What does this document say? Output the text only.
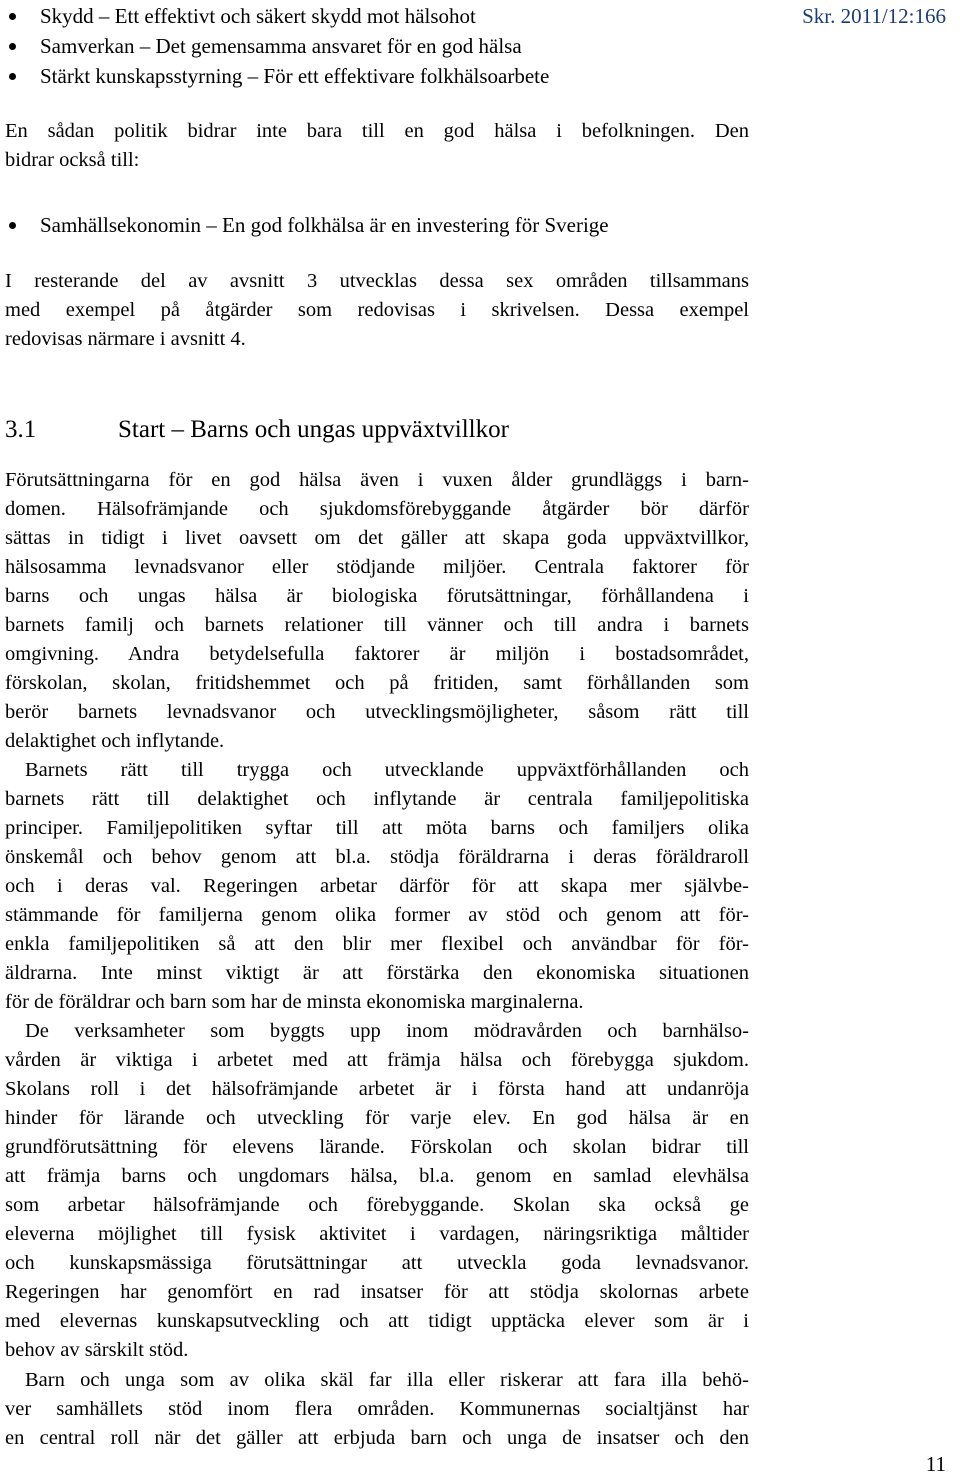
Skydd – Ett effektivt och säkert skydd mot hälsohot
Samverkan – Det gemensamma ansvaret för en god hälsa
Stärkt kunskapsstyrning – För ett effektivare folkhälsoarbete
Skr. 2011/12:166
En sådan politik bidrar inte bara till en god hälsa i befolkningen. Den
bidrar också till:
Samhällsekonomin – En god folkhälsa är en investering för Sverige
I resterande del av avsnitt 3 utvecklas dessa sex områden tillsammans
med exempel på åtgärder som redovisas i skrivelsen. Dessa exempel
redovisas närmare i avsnitt 4.
3.1	Start – Barns och ungas uppväxtvillkor
Förutsättningarna för en god hälsa även i vuxen ålder grundläggs i barn-
domen. Hälsofrämjande och sjukdomsförebyggande åtgärder bör därför
sättas in tidigt i livet oavsett om det gäller att skapa goda uppväxtvillkor,
hälsosamma levnadsvanor eller stödjande miljöer. Centrala faktorer för
barns och ungas hälsa är biologiska förutsättningar, förhållandena i
barnets familj och barnets relationer till vänner och till andra i barnets
omgivning. Andra betydelsefulla faktorer är miljön i bostadsområdet,
förskolan, skolan, fritidshemmet och på fritiden, samt förhållanden som
berör barnets levnadsvanor och utvecklingsmöjligheter, såsom rätt till
delaktighet och inflytande.
Barnets rätt till trygga och utvecklande uppväxtförhållanden och
barnets rätt till delaktighet och inflytande är centrala familjepolitiska
principer. Familjepolitiken syftar till att möta barns och familjers olika
önskemål och behov genom att bl.a. stödja föräldrarna i deras föräldraroll
och i deras val. Regeringen arbetar därför för att skapa mer självbe-
stämmande för familjerna genom olika former av stöd och genom att för-
enkla familjepolitiken så att den blir mer flexibel och användbar för för-
äldrarna. Inte minst viktigt är att förstärka den ekonomiska situationen
för de föräldrar och barn som har de minsta ekonomiska marginalerna.
De verksamheter som byggts upp inom mödravården och barnhälso-
vården är viktiga i arbetet med att främja hälsa och förebygga sjukdom.
Skolans roll i det hälsofrämjande arbetet är i första hand att undanröja
hinder för lärande och utveckling för varje elev. En god hälsa är en
grundförutsättning för elevens lärande. Förskolan och skolan bidrar till
att främja barns och ungdomars hälsa, bl.a. genom en samlad elevhälsa
som arbetar hälsofrämjande och förebyggande. Skolan ska också ge
eleverna möjlighet till fysisk aktivitet i vardagen, näringsriktiga måltider
och kunskapsmässiga förutsättningar att utveckla goda levnadsvanor.
Regeringen har genomfört en rad insatser för att stödja skolornas arbete
med elevernas kunskapsutveckling och att tidigt upptäcka elever som är i
behov av särskilt stöd.
Barn och unga som av olika skäl far illa eller riskerar att fara illa behö-
ver samhällets stöd inom flera områden. Kommunernas socialtjänst har
en central roll när det gäller att erbjuda barn och unga de insatser och den
11
